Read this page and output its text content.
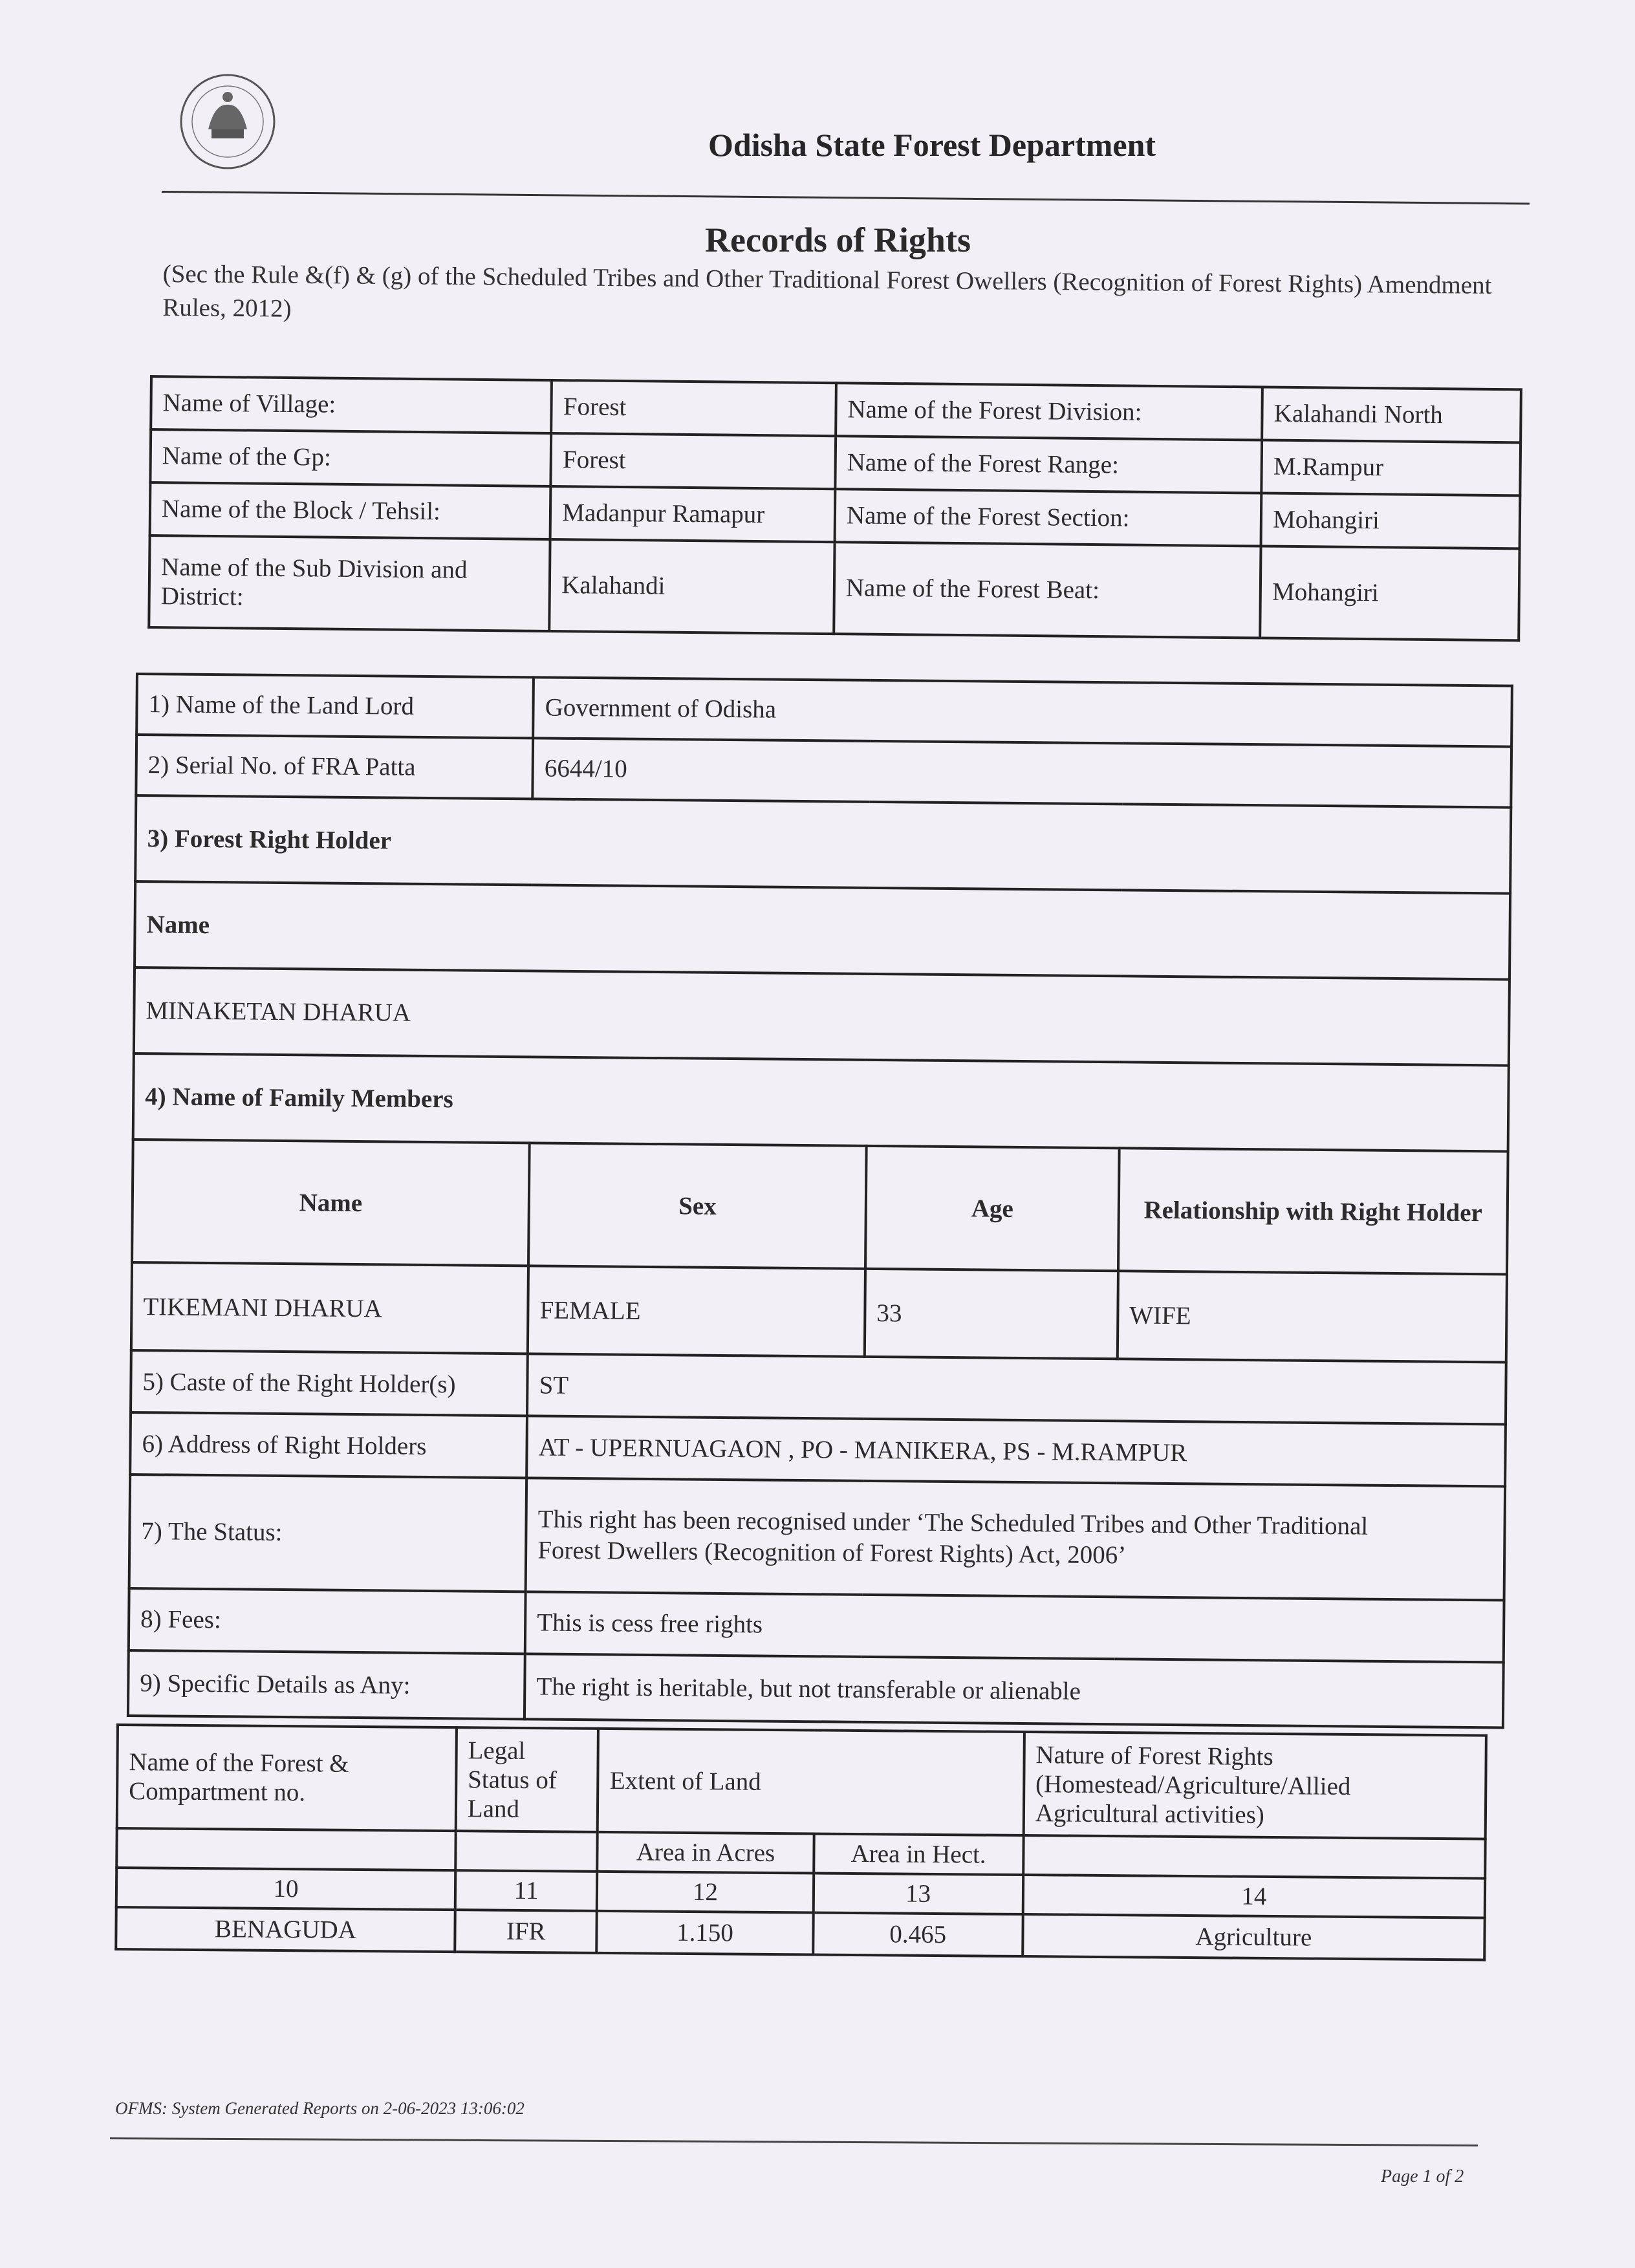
Odisha State Forest Department
Records of Rights
(Sec the Rule &(f) & (g) of the Scheduled Tribes and Other Traditional Forest Owellers (Recognition of Forest Rights) Amendment Rules, 2012)
Name of Village:	Forest	Name of the Forest Division:	Kalahandi North
Name of the Gp:	Forest	Name of the Forest Range:	M.Rampur
Name of the Block / Tehsil:	Madanpur Ramapur	Name of the Forest Section:	Mohangiri
Name of the Sub Division and District:	Kalahandi	Name of the Forest Beat:	Mohangiri
1) Name of the Land Lord	Government of Odisha		
2) Serial No. of FRA Patta	6644/10		
3) Forest Right Holder			
Name			
MINAKETAN DHARUA			
4) Name of Family Members			
Name	Sex	Age	Relationship with Right Holder
TIKEMANI DHARUA	FEMALE	33	WIFE
5) Caste of the Right Holder(s)	ST		
6) Address of Right Holders	AT - UPERNUAGAON , PO - MANIKERA, PS - M.RAMPUR		
7) The Status:	This right has been recognised under ‘The Scheduled Tribes and Other Traditional
Forest Dwellers (Recognition of Forest Rights) Act, 2006’		

8) Fees:	This is cess free rights		
9) Specific Details as Any:	The right is heritable, but not transferable or alienable		
Name of the Forest & Compartment no.	Legal Status of Land	Extent of Land		Nature of Forest Rights (Homestead/Agriculture/Allied Agricultural activities)
		Area in Acres	Area in Hect.	
10	11	12	13	14
BENAGUDA	IFR	1.150	0.465	Agriculture
OFMS: System Generated Reports on 2-06-2023 13:06:02
Page 1 of 2
